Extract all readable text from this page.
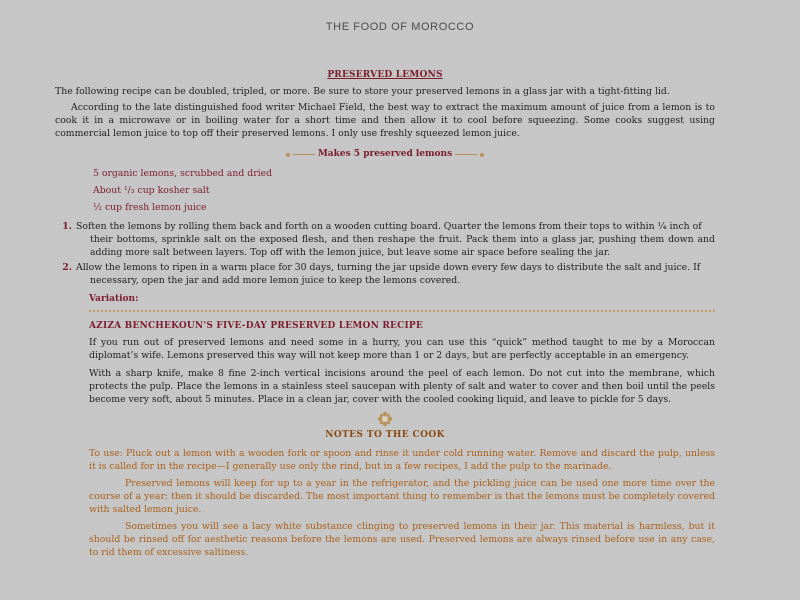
THE FOOD OF MOROCCO
PRESERVED LEMONS

The following recipe can be doubled, tripled, or more. Be sure to store your preserved lemons in a glass jar with a tight-fitting lid.

According to the late distinguished food writer Michael Field, the best way to extract the maximum amount of juice from a lemon is to cook it in a microwave or in boiling water for a short time and then allow it to cool before squeezing. Some cooks suggest using commercial lemon juice to top off their preserved lemons. I only use freshly squeezed lemon juice.

Makes 5 preserved lemons
5 organic lemons, scrubbed and dried
About ¹/₃ cup kosher salt
½ cup fresh lemon juice
1. Soften the lemons by rolling them back and forth on a wooden cutting board. Quarter the lemons from their tops to within ¼ inch of
their bottoms, sprinkle salt on the exposed flesh, and then reshape the fruit. Pack them into a glass jar, pushing them down and adding more salt between layers. Top off with the lemon juice, but leave some air space before sealing the jar.
2. Allow the lemons to ripen in a warm place for 30 days, turning the jar upside down every few days to distribute the salt and juice. If
necessary, open the jar and add more lemon juice to keep the lemons covered.
Variation:
AZIZA BENCHEKOUN'S FIVE-DAY PRESERVED LEMON RECIPE

If you run out of preserved lemons and need some in a hurry, you can use this “quick” method taught to me by a Moroccan diplomat’s wife. Lemons preserved this way will not keep more than 1 or 2 days, but are perfectly acceptable in an emergency.

With a sharp knife, make 8 fine 2-inch vertical incisions around the peel of each lemon. Do not cut into the membrane, which protects the pulp. Place the lemons in a stainless steel saucepan with plenty of salt and water to cover and then boil until the peels become very soft, about 5 minutes. Place in a clean jar, cover with the cooled cooking liquid, and leave to pickle for 5 days.

NOTES TO THE COOK

To use: Pluck out a lemon with a wooden fork or spoon and rinse it under cold running water. Remove and discard the pulp, unless it is called for in the recipe—I generally use only the rind, but in a few recipes, I add the pulp to the marinade.

Preserved lemons will keep for up to a year in the refrigerator, and the pickling juice can be used one more time over the course of a year; then it should be discarded. The most important thing to remember is that the lemons must be completely covered with salted lemon juice.

Sometimes you will see a lacy white substance clinging to preserved lemons in their jar. This material is harmless, but it should be rinsed off for aesthetic reasons before the lemons are used. Preserved lemons are always rinsed before use in any case, to rid them of excessive saltiness.
